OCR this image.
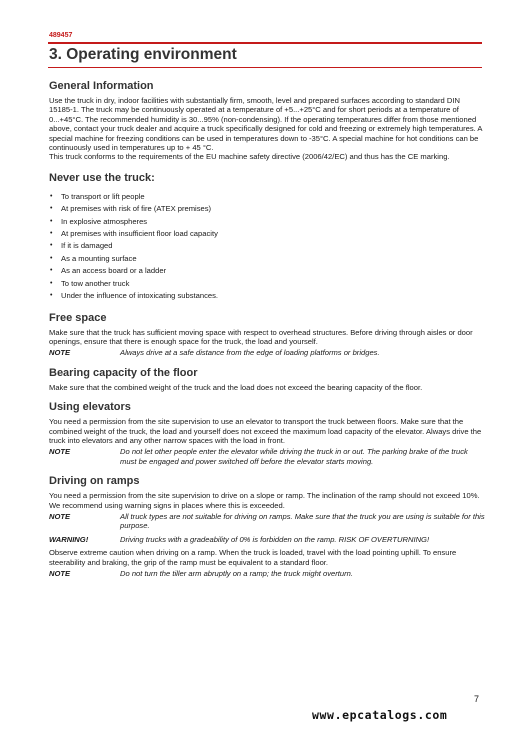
489457
3. Operating environment
General Information

Use the truck in dry, indoor facilities with substantially firm, smooth, level and prepared surfaces according to standard DIN 15185-1. The truck may be continuously operated at a temperature of +5...+25°C and for short periods at a temperature of 0...+45°C. The recommended humidity is 30...95% (non-condensing). If the operating temperatures differ from those mentioned above, contact your truck dealer and acquire a truck specifically designed for cold and freezing or extremely high temperatures. A special machine for freezing conditions can be used in temperatures down to -35°C. A special machine for hot conditions can be continuously used in temperatures up to + 45 °C.

This truck conforms to the requirements of the EU machine safety directive (2006/42/EC) and thus has the CE marking.

Never use the truck:
• To transport or lift people
• At premises with risk of fire (ATEX premises)
• In explosive atmospheres
• At premises with insufficient floor load capacity
• If it is damaged
• As a mounting surface
• As an access board or a ladder
• To tow another truck
• Under the influence of intoxicating substances.
Free space

Make sure that the truck has sufficient moving space with respect to overhead structures. Before driving through aisles or door openings, ensure that there is enough space for the truck, the load and yourself.

NOTE	Always drive at a safe distance from the edge of loading platforms or bridges.
Bearing capacity of the floor

Make sure that the combined weight of the truck and the load does not exceed the bearing capacity of the floor.

Using elevators

You need a permission from the site supervision to use an elevator to transport the truck between floors. Make sure that the combined weight of the truck, the load and yourself does not exceed the maximum load capacity of the elevator. Always drive the truck into elevators and any other narrow spaces with the load in front.

NOTE	Do not let other people enter the elevator while driving the truck in or out. The parking brake of the truck must be engaged and power switched off before the elevator starts moving.
Driving on ramps

You need a permission from the site supervision to drive on a slope or ramp. The inclination of the ramp should not exceed 10%. We recommend using warning signs in places where this is exceeded.

NOTE	All truck types are not suitable for driving on ramps. Make sure that the truck you are using is suitable for this purpose.
WARNING!	Driving trucks with a gradeability of 0% is forbidden on the ramp. RISK OF OVERTURNING!

Observe extreme caution when driving on a ramp. When the truck is loaded, travel with the load pointing uphill. To ensure steerability and braking, the grip of the ramp must be equivalent to a standard floor.

NOTE	Do not turn the tiller arm abruptly on a ramp; the truck might overturn.
7
www.epcatalogs.com
